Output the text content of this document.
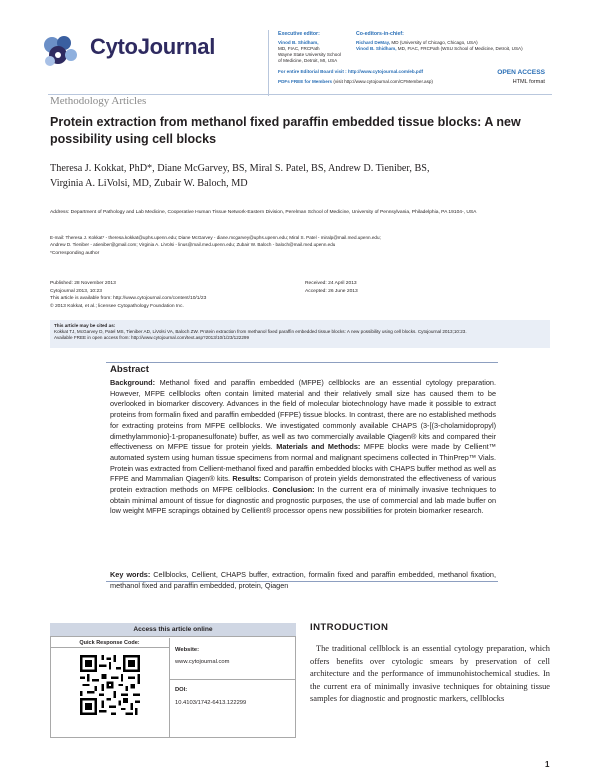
CytoJournal	Executive editor:
Vinod B. Shidham,
MD, FIAC, FRCPath
Wayne State University School
of Medicine, Detroit, MI, USA
Co-editors-in-chief:
Richard DeMay, MD (University of Chicago, Chicago, USA)
Vinod B. Shidham, MD, FIAC, FRCPath (WSU School of Medicine, Detroit, USA)
For entire Editorial Board visit : http://www.cytojournal.com/eb.pdf
PDFs FREE for Members (visit http://www.cytojournal.com/CFMember.asp)
OPEN ACCESS
HTML format
Methodology Articles
Protein extraction from methanol fixed paraffin embedded tissue blocks: A new possibility using cell blocks
Theresa J. Kokkat, PhD*, Diane McGarvey, BS, Miral S. Patel, BS, Andrew D. Tieniber, BS,
Virginia A. LiVolsi, MD, Zubair W. Baloch, MD
Address: Department of Pathology and Lab Medicine, Cooperative Human Tissue Network-Eastern Division, Perelman School of Medicine, University of Pennsylvania, Philadelphia, PA 19104-, USA
E-mail: Theresa J. Kokkat* - theresa.kokkat@uphs.upenn.edu; Diane McGarvey - diane.mcgarvey@uphs.upenn.edu; Miral S. Patel - miralp@mail.med.upenn.edu;
Andrew D. Tieniber - atieniber@gmail.com; Virginia A. LiVolsi - linus@mail.med.upenn.edu; Zubair W. Baloch - baloch@mail.med.upenn.edu
*Corresponding author
Published: 28 November 2013
Cytojournal 2013, 10:23
This article is available from: http://www.cytojournal.com/content/10/1/23
© 2013 Kokkat, et al.; licensee Cytopathology Foundation Inc.
Received: 24 April 2013
Accepted: 26 June 2013
This article may be cited as:
Kokkat TJ, McGarvey D, Patel MS, Tieniber AD, LiVolsi VA, Baloch ZW. Protein extraction from methanol fixed paraffin embedded tissue blocks: A new possibility using cell blocks. Cytojournal 2013;10:23.
Available FREE in open access from: http://www.cytojournal.com/text.asp?2013/10/1/23/122299
Abstract
Background: Methanol fixed and paraffin embedded (MFPE) cellblocks are an essential cytology preparation. However, MFPE cellblocks often contain limited material and their relatively small size has caused them to be overlooked in biomarker discovery. Advances in the field of molecular biotechnology have made it possible to extract proteins from formalin fixed and paraffin embedded (FFPE) tissue blocks. In contrast, there are no established methods for extracting proteins from MFPE cellblocks. We investigated commonly available CHAPS (3-[(3-cholamidopropyl) dimethylammonio]-1-propanesulfonate) buffer, as well as two commercially available Qiagen® kits and compared their effectiveness on MFPE tissue for protein yields. Materials and Methods: MFPE blocks were made by Cellient™ automated system using human tissue specimens from normal and malignant specimens collected in ThinPrep™ Vials. Protein was extracted from Cellient-methanol fixed and paraffin embedded blocks with CHAPS buffer method as well as FFPE and Mammalian Qiagen® kits. Results: Comparison of protein yields demonstrated the effectiveness of various protein extraction methods on MFPE cellblocks. Conclusion: In the current era of minimally invasive techniques to obtain minimal amount of tissue for diagnostic and prognostic purposes, the use of commercial and lab made buffer on low weight MFPE scrapings obtained by Cellient® processor opens new possibilities for protein biomarker research.
Key words: Cellblocks, Cellient, CHAPS buffer, extraction, formalin fixed and paraffin embedded, methanol fixation, methanol fixed and paraffin embedded, protein, Qiagen
Access this article online
Quick Response Code:
Website:
www.cytojournal.com
DOI:
10.4103/1742-6413.122299
INTRODUCTION
The traditional cellblock is an essential cytology preparation, which offers benefits over cytologic smears by preservation of cell architecture and the performance of immunohistochemical studies. In the current era of minimally invasive techniques for obtaining tissue samples for diagnostic and prognostic markers, cellblocks
1
